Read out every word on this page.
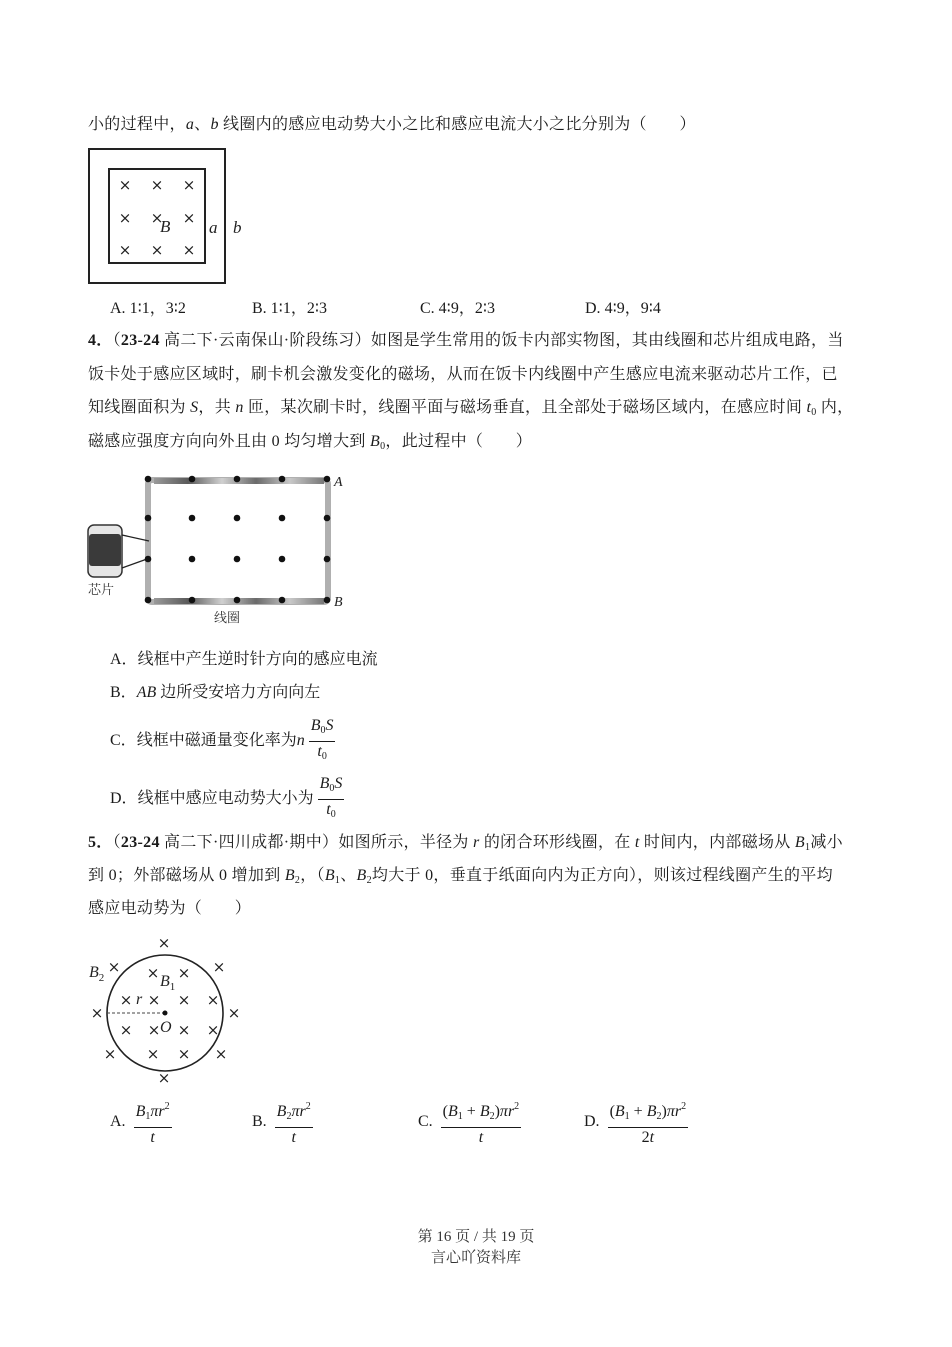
小的过程中，a、b 线圈内的感应电动势大小之比和感应电流大小之比分别为（　　）
× × ×
× × ×
× × ×
B a b
A. 1∶1，3∶2	B. 1∶1，2∶3	C. 4∶9，2∶3	D. 4∶9，9∶4
4．（23-24 高二下·云南保山·阶段练习）如图是学生常用的饭卡内部实物图，其由线圈和芯片组成电路，当
饭卡处于感应区域时，刷卡机会激发变化的磁场，从而在饭卡内线圈中产生感应电流来驱动芯片工作，已
知线圈面积为 S，共 n 匝，某次刷卡时，线圈平面与磁场垂直，且全部处于磁场区域内，在感应时间 $t_0$ 内，
磁感应强度方向向外且由 0 均匀增大到 $B_0$，此过程中（　　）
A
B
芯片
线圈
A．线框中产生逆时针方向的感应电流
B．AB 边所受安培力方向向左
C．线框中磁通量变化率为n $\frac{B_0S}{t_0}$
D．线框中感应电动势大小为 $\frac{B_0S}{t_0}$
5．（23-24 高二下·四川成都·期中）如图所示，半径为 r 的闭合环形线圈，在 t 时间内，内部磁场从 $B_1$减小
到 0；外部磁场从 0 增加到 $B_2$，（$B_1$、$B_2$均大于 0，垂直于纸面向内为正方向），则该过程线圈产生的平均
感应电动势为（　　）
×
×	×
×	×
×	×
×
× ×
× × × ×
× × × ×
× ×
$B_2$	$B_1$
r
O
A. $\frac{B_1\pi r^2}{t}$	B. $\frac{B_2\pi r^2}{t}$	C. $\frac{(B_1 + B_2)\pi r^2}{t}$	D. $\frac{(B_1 + B_2)\pi r^2}{2t}$
第 16 页 / 共 19 页
言心吖资料库
